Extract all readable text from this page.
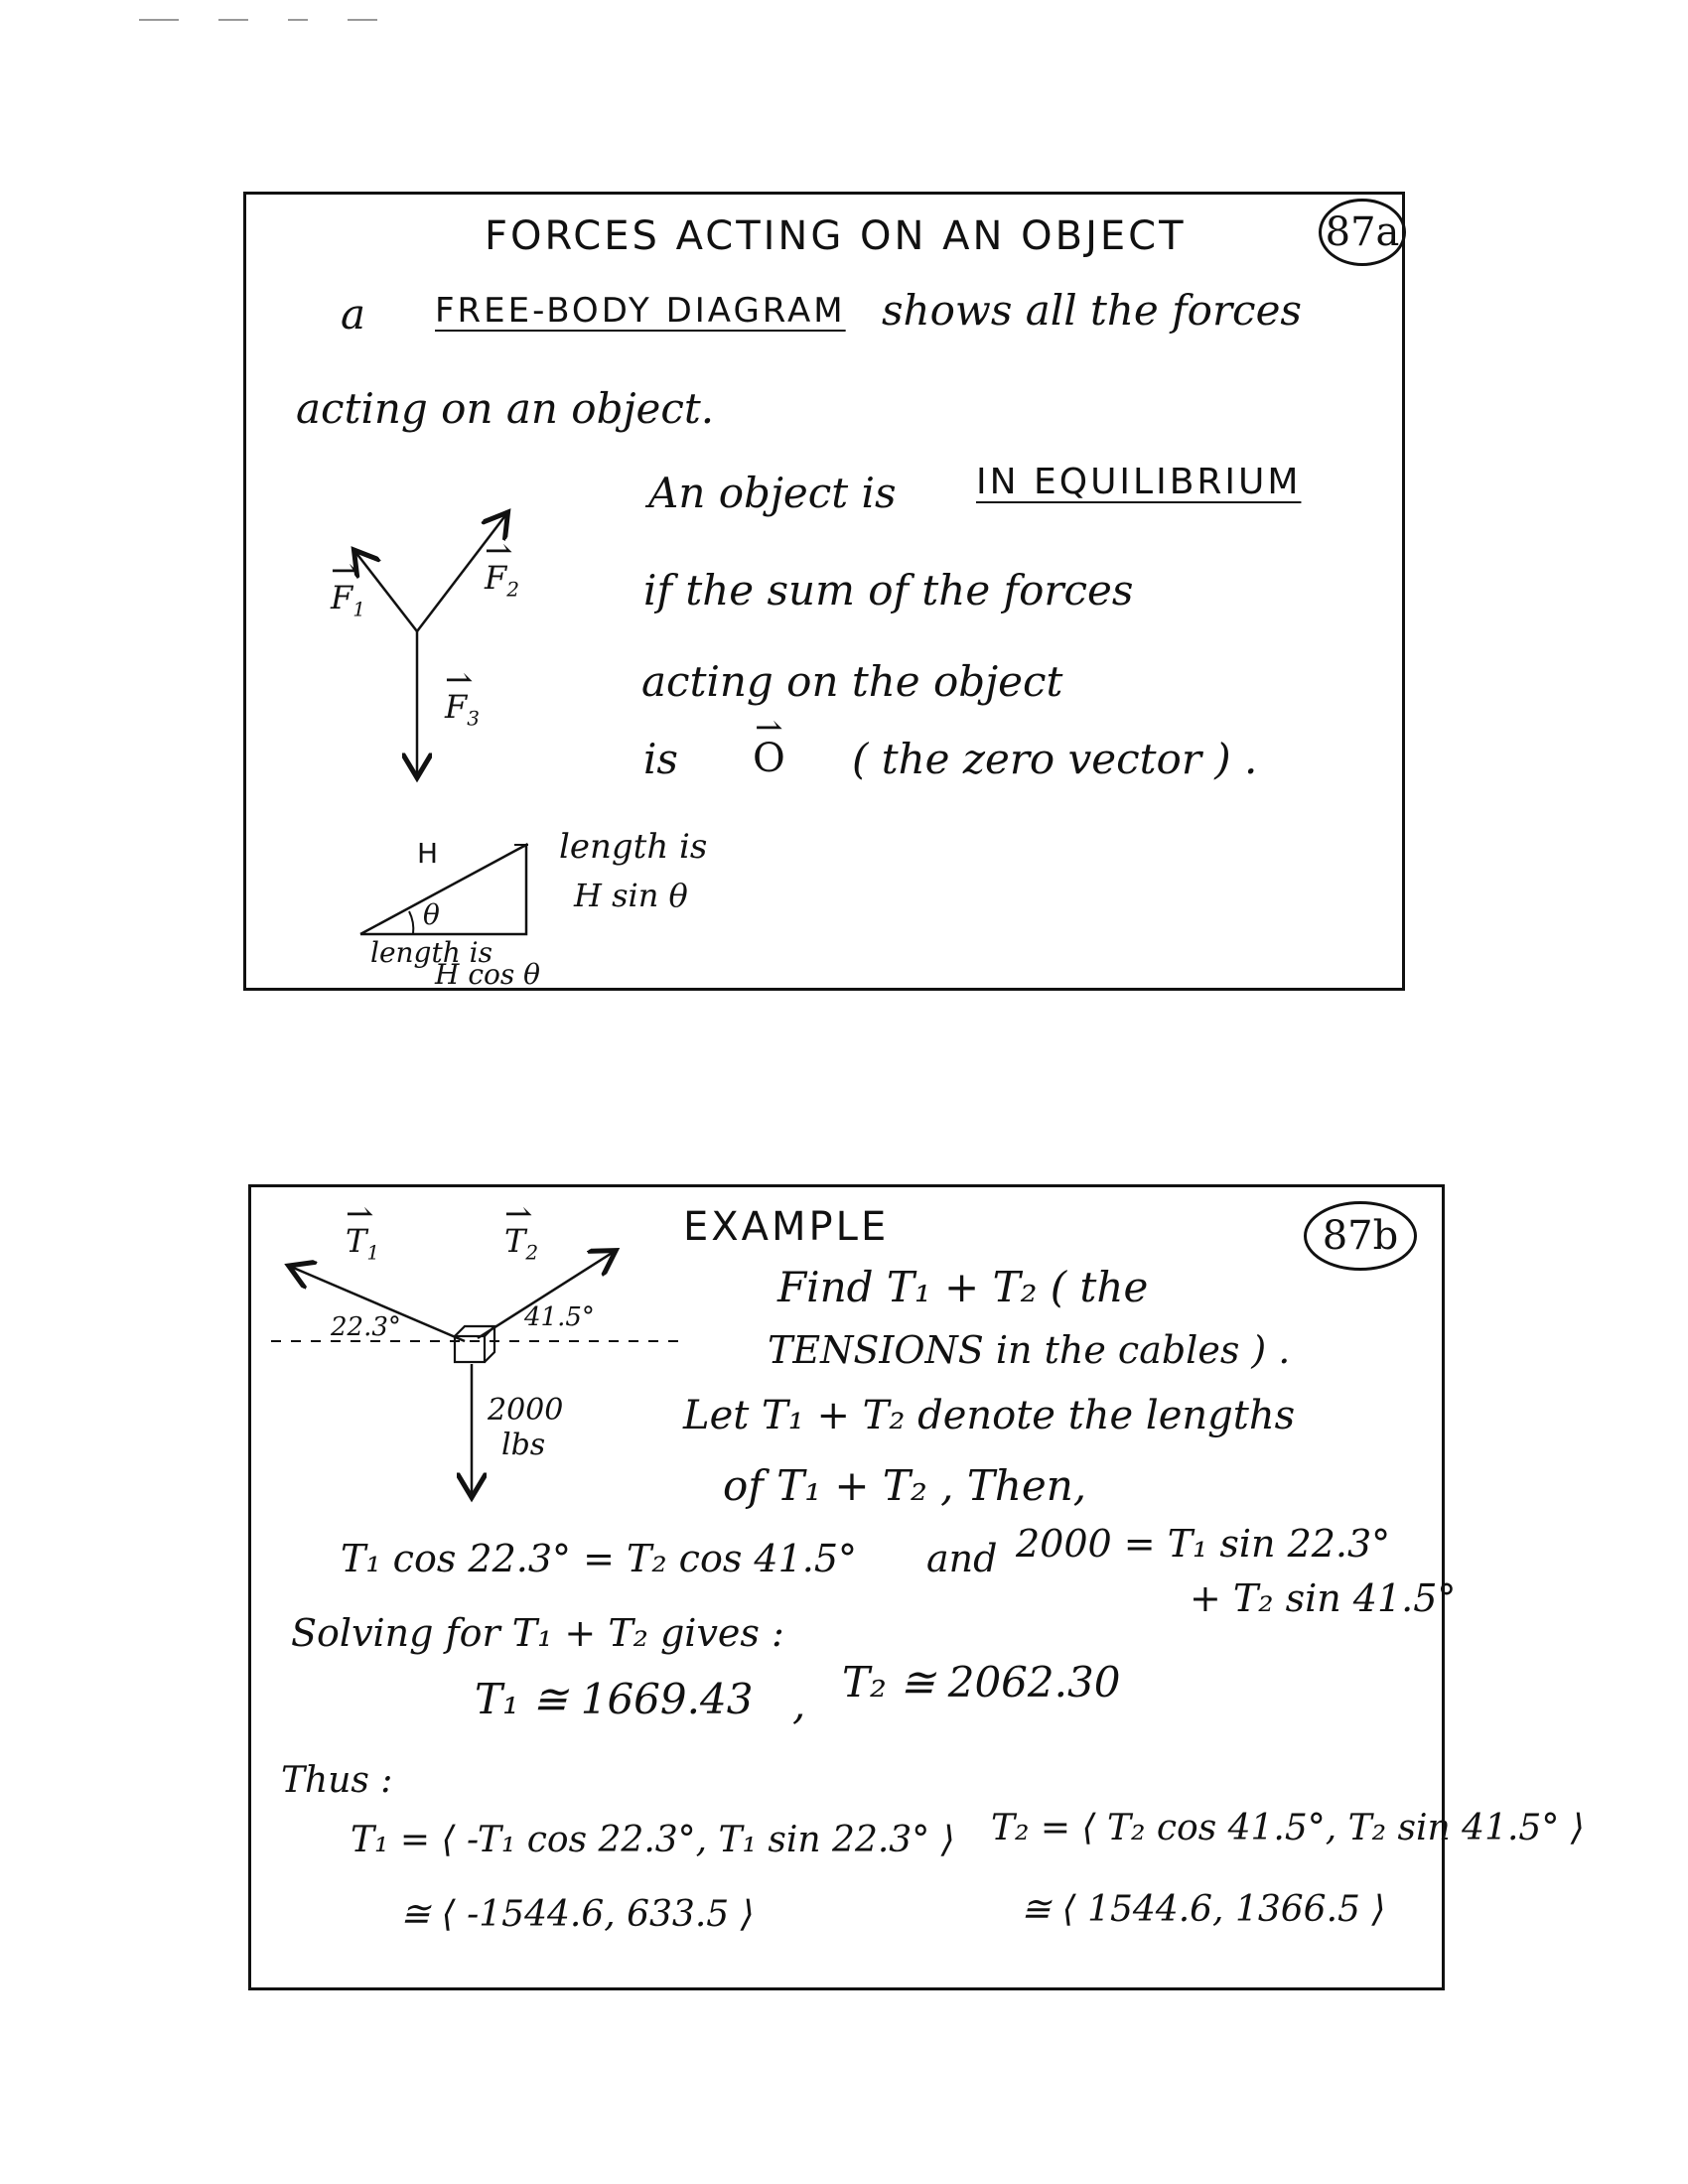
FORCES ACTING ON AN OBJECT	87a
a FREE-BODY DIAGRAM shows all the forces
acting on an object.
An object is IN EQUILIBRIUM
if the sum of the forces
acting on the object
is ⇀ O ( the zero vector ) .
⇀ $F_1$
⇀ $F_2$
⇀ $F_3$
H
θ
length is
H sin θ
length is
H cos θ
EXAMPLE	87b
⇀ $T_1$	⇀ $T_2$
22.3°	41.5°
2000
lbs
Find T₁ + T₂ ( the
TENSIONS in the cables ) .
Let T₁ + T₂ denote the lengths
of T₁ + T₂ , Then,
T₁ cos 22.3° = T₂ cos 41.5° and 2000 = T₁ sin 22.3°
+ T₂ sin 41.5°
Solving for T₁ + T₂ gives :
T₁ ≅ 1669.43 , T₂ ≅ 2062.30
Thus :
T₁ = ⟨ -T₁ cos 22.3°, T₁ sin 22.3° ⟩ T₂ = ⟨ T₂ cos 41.5°, T₂ sin 41.5° ⟩
≅ ⟨ -1544.6, 633.5 ⟩	≅ ⟨ 1544.6, 1366.5 ⟩
